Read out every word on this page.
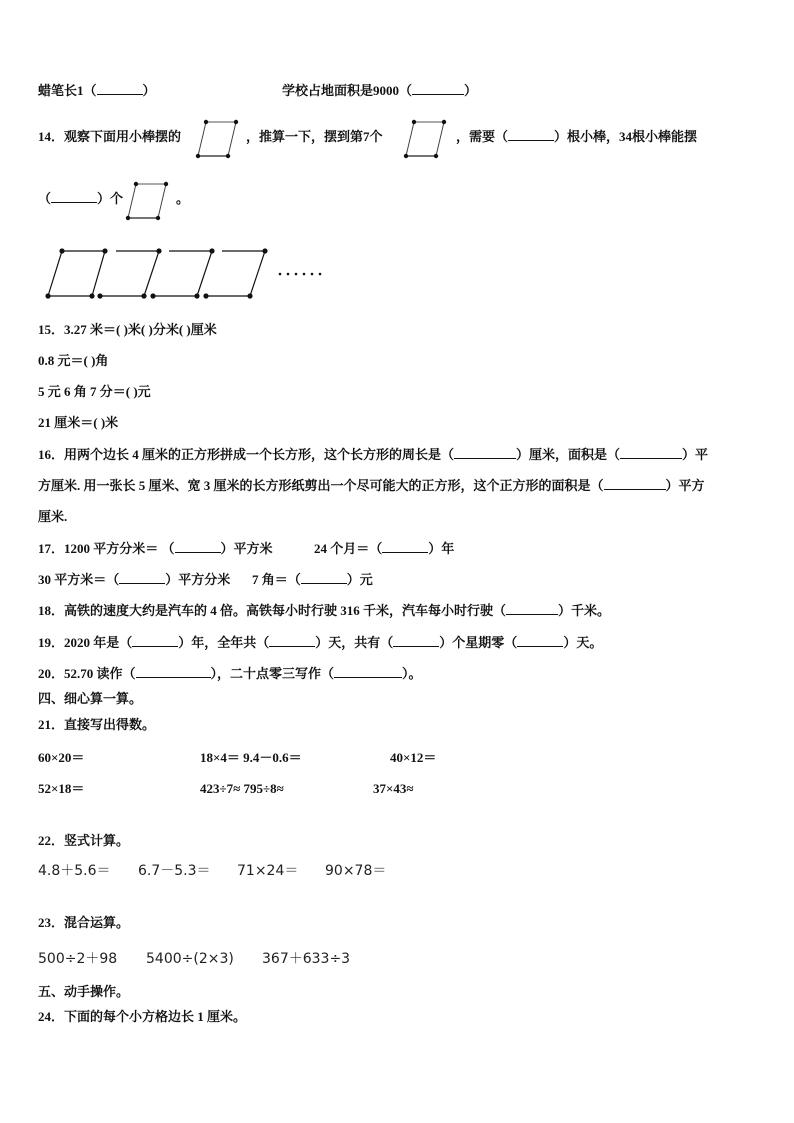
蜡笔长1（	）	学校占地面积是9000（	）
14．观察下面用小棒摆的	，推算一下，摆到第7个	，需要（	）根小棒，34根小棒能摆
（	）个	。
15．3.27 米＝( )米( )分米( )厘米
0.8 元＝( )角
5 元 6 角 7 分＝( )元
21 厘米＝( )米
16．用两个边长 4 厘米的正方形拼成一个长方形，这个长方形的周长是（	）厘米，面积是（	）平
方厘米. 用一张长 5 厘米、宽 3 厘米的长方形纸剪出一个尽可能大的正方形，这个正方形的面积是（	）平方
厘米.
17．1200 平方分米＝ （	）平方米	24 个月＝（	）年
30 平方米＝（	）平方分米 7 角＝（	）元
18．高铁的速度大约是汽车的 4 倍。高铁每小时行驶 316 千米，汽车每小时行驶（	）千米。
19．2020 年是（	）年，全年共（	）天，共有（	）个星期零（	）天。
20．52.70 读作（	），二十点零三写作（	）。
四、细心算一算。
21．直接写出得数。
60×20＝	18×4＝ 9.4－0.6＝	40×12＝
52×18＝	423÷7≈ 795÷8≈	37×43≈
22．竖式计算。
4.8＋5.6＝ 6.7－5.3＝ 71×24＝ 90×78＝
23．混合运算。
500÷2＋98 5400÷(2×3) 367＋633÷3
五、动手操作。
24．下面的每个小方格边长 1 厘米。
